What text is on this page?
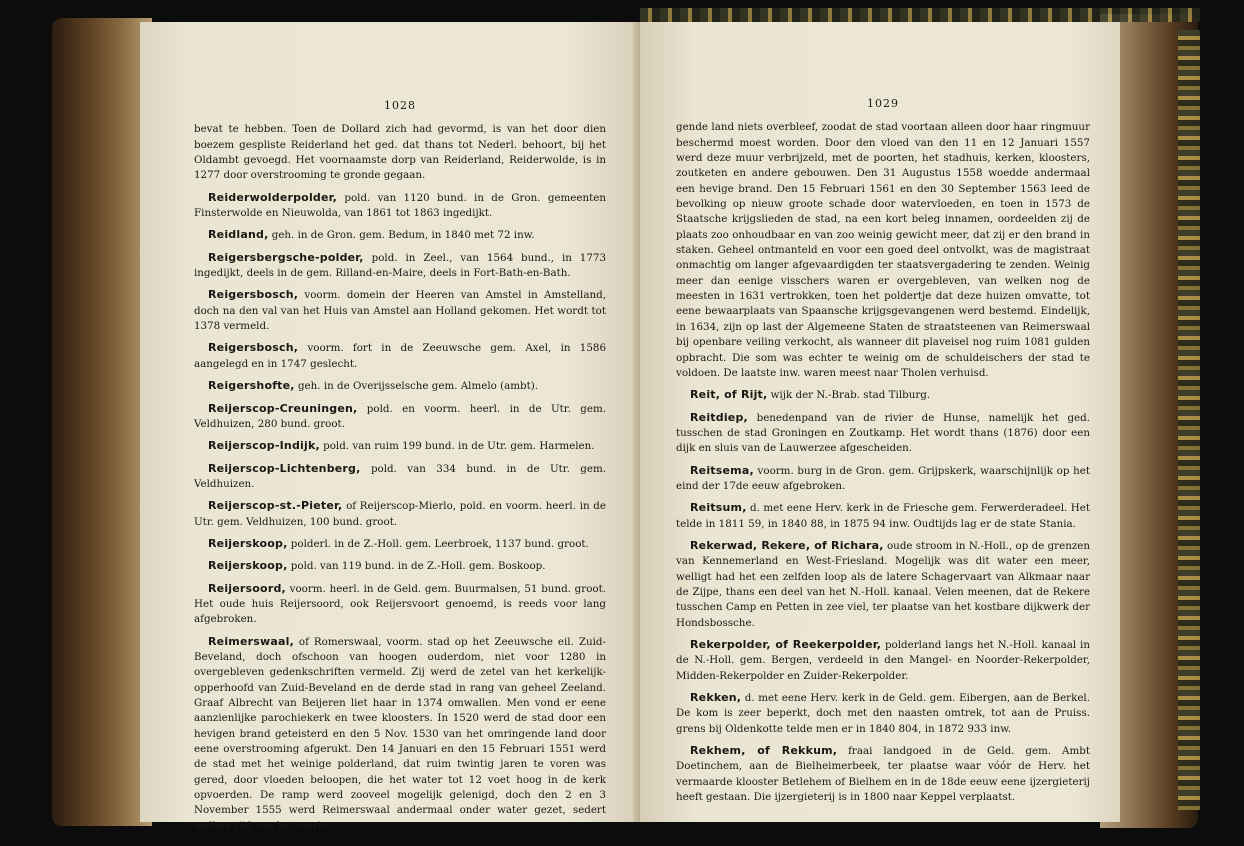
1028

bevat te hebben. Toen de Dollard zich had gevormd, is van het door dien boezem gespliste Reiderland het ged. dat thans tot Nederl. behoort, bij het Oldambt gevoegd. Het voornaamste dorp van Reiderland, Reiderwolde, is in 1277 door overstrooming te gronde gegaan.

Reiderwolderpolder, pold. van 1120 bund. in de Gron. gemeenten Finsterwolde en Nieuwolda, van 1861 tot 1863 ingedijkt.

Reidland, geh. in de Gron. gem. Bedum, in 1840 met 72 inw.

Reigersbergsche-polder, pold. in Zeel., van 1564 bund., in 1773 ingedijkt, deels in de gem. Rilland-en-Maire, deels in Fort-Bath-en-Bath.

Reigersbosch, voorm. domein der Heeren van Amstel in Amstelland, doch na den val van het Huis van Amstel aan Holland gekomen. Het wordt tot 1378 vermeld.

Reigersbosch, voorm. fort in de Zeeuwsche gem. Axel, in 1586 aangelegd en in 1747 geslecht.

Reigershofte, geh. in de Overijsselsche gem. Almelo (ambt).

Reijerscop-Creuningen, pold. en voorm. heerl. in de Utr. gem. Veldhuizen, 280 bund. groot.

Reijerscop-Indijk, pold. van ruim 199 bund. in de Utr. gem. Harmelen.

Reijerscop-Lichtenberg, pold. van 334 bund. in de Utr. gem. Veldhuizen.

Reijerscop-st.-Pieter, of Reijerscop-Mierlo, pold. en voorm. heerl. in de Utr. gem. Veldhuizen, 100 bund. groot.

Reijerskoop, polderl. in de Z.-Holl. gem. Leerbroek, 1137 bund. groot.

Reijerskoop, pold. van 119 bund. in de Z.-Holl. gem. Boskoop.

Reijersoord, voorm. heerl. in de Geld. gem. Buurmalsen, 51 bund. groot. Het oude huis Reijersoord, ook Reijersvoort genoemd, is reeds voor lang afgebroken.

Reimerswaal, of Romerswaal, voorm. stad op het Zeeuwsche eil. Zuid-Beveland, doch ofschoon van hoogen ouderdom, niet voor 1280 in overgebleven gedenkschriften vermeld. Zij werd de zetel van het kerkelijk-opperhoofd van Zuid-Beveland en de derde stad in rang van geheel Zeeland. Graaf Albrecht van Beijeren liet haar in 1374 omwallen. Men vond er eene aanzienlijke parochiekerk en twee kloosters. In 1520 werd de stad door een hevigen brand geteisterd en den 5 Nov. 1530 van het omringende land door eene overstrooming afgerukt. Den 14 Januari en den 15 Februari 1551 werd de stad met het weinige polderland, dat ruim twintig jaren te voren was gered, door vloeden beloopen, die het water tot 12 voet hoog in de kerk opvoerden. De ramp werd zooveel mogelijk gelenigd, doch den 2 en 3 November 1555 werd Reimerswaal andermaal onder water gezet, sedert welken tijd van het omrin-

1029

gende land niets overbleef, zoodat de stad voortaan alleen door haar ringmuur beschermd moest worden. Door den vloed van den 11 en 12 Januari 1557 werd deze muur verbrijzeld, met de poorten, het stadhuis, kerken, kloosters, zoutketen en andere gebouwen. Den 31 Augustus 1558 woedde andermaal een hevige brand. Den 15 Februari 1561 en den 30 September 1563 leed de bevolking op nieuw groote schade door watervloeden, en toen in 1573 de Staatsche krijgslieden de stad, na een kort beleg innamen, oordeelden zij de plaats zoo onhoudbaar en van zoo weinig gewicht meer, dat zij er den brand in staken. Geheel ontmanteld en voor een goed deel ontvolkt, was de magistraat onmachtig om langer afgevaardigden ter staatsvergadering te zenden. Weinig meer dan eenige visschers waren er overgebleven, van welken nog de meesten in 1631 vertrokken, toen het poldertje dat deze huizen omvatte, tot eene bewaarplaats van Spaansche krijgsgevangenen werd bestemd. Eindelijk, in 1634, zijn op last der Algemeene Staten de straatsteenen van Reimerswaal bij openbare veiling verkocht, als wanneer dit plaveisel nog ruim 1081 gulden opbracht. Die som was echter te weinig om de schuldeischers der stad te voldoen. De laatste inw. waren meest naar Tholen verhuisd.

Reit, of Rijt, wijk der N.-Brab. stad Tilburg.

Reitdiep, benedenpand van de rivier de Hunse, namelijk het ged. tusschen de stad Groningen en Zoutkamp. Het wordt thans (1876) door een dijk en sluis van de Lauwerzee afgescheiden.

Reitsema, voorm. burg in de Gron. gem. Grijpskerk, waarschijnlijk op het eind der 17de eeuw afgebroken.

Reitsum, d. met eene Herv. kerk in de Friesche gem. Ferwerderadeel. Het telde in 1811 59, in 1840 88, in 1875 94 inw. Oudtijds lag er de state Stania.

Rekerwad, Rekere, of Richara, oude stroom in N.-Holl., op de grenzen van Kennemerland en West-Friesland. Mogelijk was dit water een meer, welligt had het een zelfden loop als de latere Schagervaart van Alkmaar naar de Zijpe, thans een deel van het N.-Holl. kanaal. Velen meenen, dat de Rekere tusschen Camp en Petten in zee viel, ter plaatse van het kostbare dijkwerk der Hondsbossche.

Rekerpolder, of Reekerpolder, polderland langs het N.-Holl. kanaal in de N.-Holl. gem. Bergen, verdeeld in den Mangel- en Noorder-Rekerpolder, Midden-Rekerpolder en Zuider-Rekerpolder.

Rekken, d. met eene Herv. kerk in de Geld. gem. Eibergen, aan de Berkel. De kom is zeer beperkt, doch met den naasten omtrek, tot aan de Pruiss. grens bij Oldenkotte telde men er in 1840 804, in 1872 933 inw.

Rekhem, of Rekkum, fraai landgoed in de Geld. gem. Ambt Doetinchem, aan de Bielheimerbeek, ter plaatse waar vóór de Herv. het vermaarde klooster Betlehem of Bielhem en in de 18de eeuw eene ijzergieterij heeft gestaan. Die ijzergieterij is in 1800 naar Keppel verplaatst.
